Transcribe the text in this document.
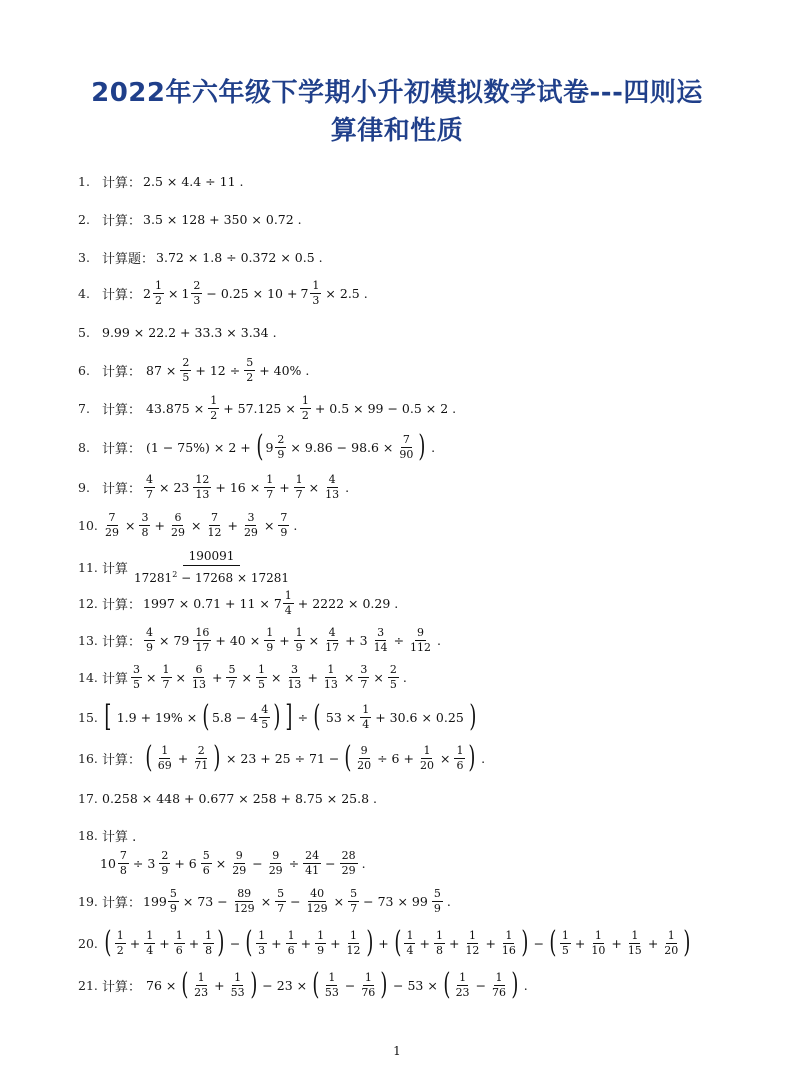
2022年六年级下学期小升初模拟数学试卷---四则运
算律和性质
1. 计算： 2.5 × 4.4 ÷ 11 .
2. 计算： 3.5 × 128 + 350 × 0.72 .
3. 计算题： 3.72 × 1.8 ÷ 0.372 × 0.5 .
4. 计算： $2 \frac{1}{2} \times 1 \frac{2}{3} - 0.25 \times 10 + 7 \frac{1}{3} \times 2.5$ .
5. 9.99 × 22.2 + 33.3 × 3.34 .
6. 计算： $87 \times \frac{2}{5} + 12 \div \frac{5}{2} + 40\%$ .
7. 计算： $43.875 \times \frac{1}{2} + 57.125 \times \frac{1}{2} + 0.5 \times 99 - 0.5 \times 2$ .
8. 计算： (1 − 75%) × 2 + ( $9 \frac{2}{9} \times 9.86 - 98.6 \times \frac{7}{90}$ ) .
9. 计算： $\frac{4}{7} \times 23 \frac{12}{13} + 16 \times \frac{1}{7} + \frac{1}{7} \times \frac{4}{13}$ .
10. $\frac{7}{29} \times \frac{3}{8} + \frac{6}{29} \times \frac{7}{12} + \frac{3}{29} \times \frac{7}{9}$ .
11. 计算
190091
$17281^2 - 17268 \times 17281$
12. 计算： $1997 \times 0.71 + 11 \times 7 \frac{1}{4} + 2222 \times 0.29$ .
13. 计算： $\frac{4}{9} \times 79 \frac{16}{17} + 40 \times \frac{1}{9} + \frac{1}{9} \times \frac{4}{17} + 3 \frac{3}{14} \div \frac{9}{112}$ .
14. 计算 $\frac{3}{5} \times \frac{1}{7} \times \frac{6}{13} + \frac{5}{7} \times \frac{1}{5} \times \frac{3}{13} + \frac{1}{13} \times \frac{3}{7} \times \frac{2}{5}$ .
15. [ 1.9 + 19% × ( $5.8 - 4 \frac{4}{5}$ ) ] ÷ ( $53 \times \frac{1}{4} + 30.6 \times 0.25$ )
16. 计算： ( $\frac{1}{69} + \frac{2}{71}$ ) × 23 + 25 ÷ 71 − ( $\frac{9}{20} \div 6 + \frac{1}{20} \times \frac{1}{6}$ ) .
17. 0.258 × 448 + 0.677 × 258 + 8.75 × 25.8 .
18. 计算 .
$10 \frac{7}{8} \div 3 \frac{2}{9} + 6 \frac{5}{6} \times \frac{9}{29} - \frac{9}{29} \div \frac{24}{41} - \frac{28}{29}$ .
19. 计算： $199 \frac{5}{9} \times 73 - \frac{89}{129} \times \frac{5}{7} - \frac{40}{129} \times \frac{5}{7} - 73 \times 99 \frac{5}{9}$ .
20. ( $\frac{1}{2} + \frac{1}{4} + \frac{1}{6} + \frac{1}{8}$ ) − ( $\frac{1}{3} + \frac{1}{6} + \frac{1}{9} + \frac{1}{12}$ ) + ( $\frac{1}{4} + \frac{1}{8} + \frac{1}{12} + \frac{1}{16}$ ) − ( $\frac{1}{5} + \frac{1}{10} + \frac{1}{15} + \frac{1}{20}$ )
21. 计算： 76 × ( $\frac{1}{23} + \frac{1}{53}$ ) − 23 × ( $\frac{1}{53} - \frac{1}{76}$ ) − 53 × ( $\frac{1}{23} - \frac{1}{76}$ ) .
1
